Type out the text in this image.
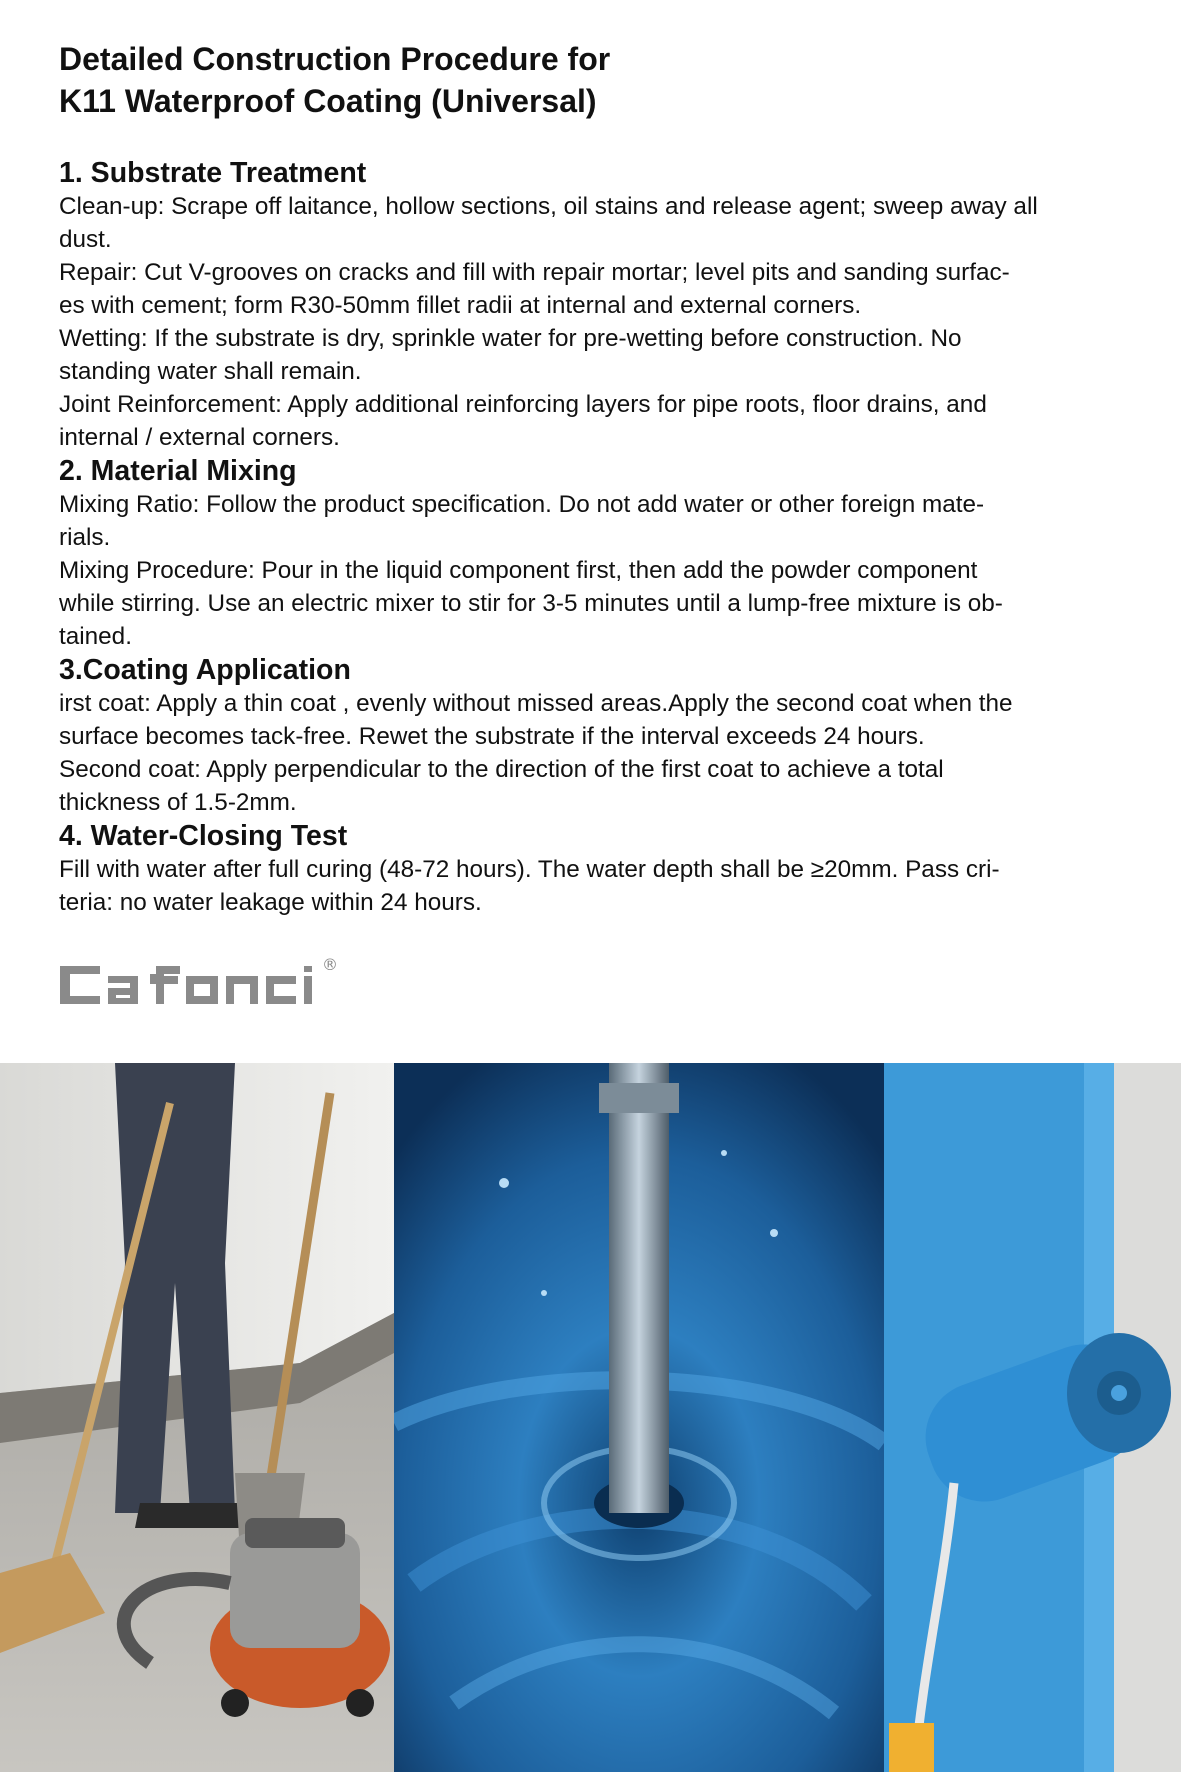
Detailed Construction Procedure for
K11 Waterproof Coating (Universal)
1. Substrate Treatment

Clean-up: Scrape off laitance, hollow sections, oil stains and release agent; sweep away all

dust.

Repair: Cut V-grooves on cracks and fill with repair mortar; level pits and sanding surfac-

es with cement; form R30-50mm fillet radii at internal and external corners.

Wetting: If the substrate is dry, sprinkle water for pre-wetting before construction. No

standing water shall remain.

Joint Reinforcement: Apply additional reinforcing layers for pipe roots, floor drains, and

internal / external corners.

2. Material Mixing

Mixing Ratio: Follow the product specification. Do not add water or other foreign mate-

rials.

Mixing Procedure: Pour in the liquid component first, then add the powder component

while stirring. Use an electric mixer to stir for 3-5 minutes until a lump-free mixture is ob-

tained.

3.Coating Application

irst coat: Apply a thin coat , evenly without missed areas.Apply the second coat when the

surface becomes tack-free. Rewet the substrate if the interval exceeds 24 hours.

Second coat: Apply perpendicular to the direction of the first coat to achieve a total

thickness of 1.5-2mm.

4. Water-Closing Test

Fill with water after full curing (48-72 hours). The water depth shall be ≥20mm. Pass cri-

teria: no water leakage within 24 hours.

®
